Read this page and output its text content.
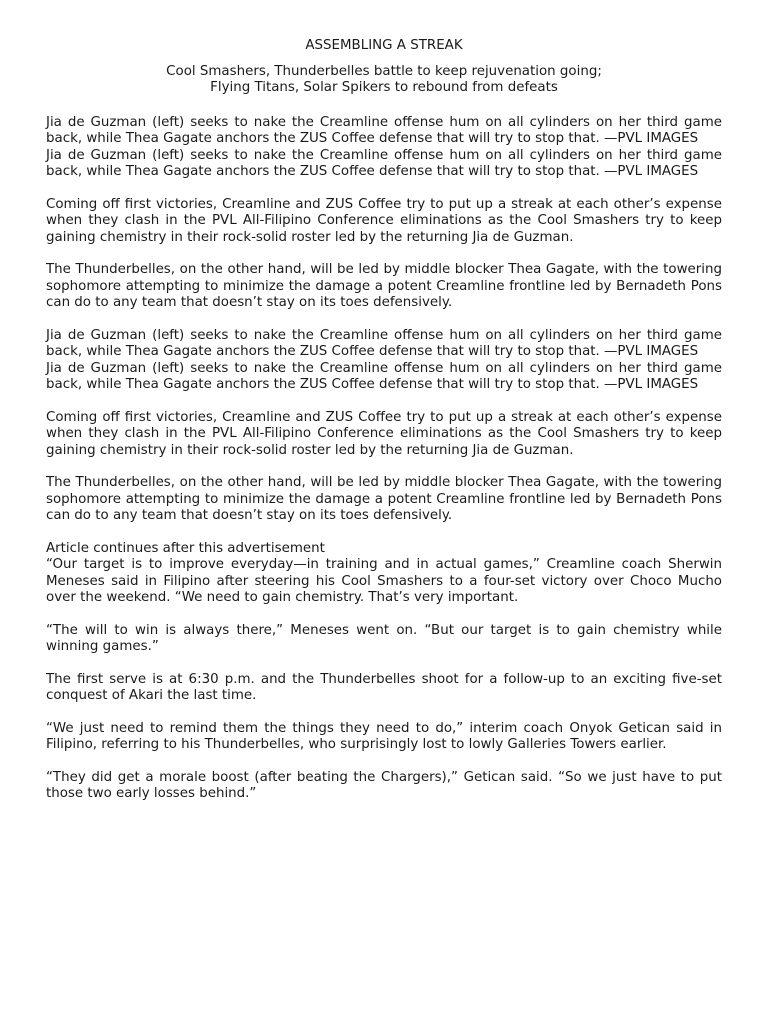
ASSEMBLING A STREAK
Cool Smashers, Thunderbelles battle to keep rejuvenation going;
Flying Titans, Solar Spikers to rebound from defeats

Jia de Guzman (left) seeks to nake the Creamline offense hum on all cylinders on her third game back, while Thea Gagate anchors the ZUS Coffee defense that will try to stop that. —PVL IMAGES

Jia de Guzman (left) seeks to nake the Creamline offense hum on all cylinders on her third game back, while Thea Gagate anchors the ZUS Coffee defense that will try to stop that. —PVL IMAGES

Coming off first victories, Creamline and ZUS Coffee try to put up a streak at each other’s expense when they clash in the PVL All-Filipino Conference eliminations as the Cool Smashers try to keep gaining chemistry in their rock-solid roster led by the returning Jia de Guzman.

The Thunderbelles, on the other hand, will be led by middle blocker Thea Gagate, with the towering sophomore attempting to minimize the damage a potent Creamline frontline led by Bernadeth Pons can do to any team that doesn’t stay on its toes defensively.

Jia de Guzman (left) seeks to nake the Creamline offense hum on all cylinders on her third game back, while Thea Gagate anchors the ZUS Coffee defense that will try to stop that. —PVL IMAGES

Jia de Guzman (left) seeks to nake the Creamline offense hum on all cylinders on her third game back, while Thea Gagate anchors the ZUS Coffee defense that will try to stop that. —PVL IMAGES

Coming off first victories, Creamline and ZUS Coffee try to put up a streak at each other’s expense when they clash in the PVL All-Filipino Conference eliminations as the Cool Smashers try to keep gaining chemistry in their rock-solid roster led by the returning Jia de Guzman.

The Thunderbelles, on the other hand, will be led by middle blocker Thea Gagate, with the towering sophomore attempting to minimize the damage a potent Creamline frontline led by Bernadeth Pons can do to any team that doesn’t stay on its toes defensively.

Article continues after this advertisement

“Our target is to improve everyday—in training and in actual games,” Creamline coach Sherwin Meneses said in Filipino after steering his Cool Smashers to a four-set victory over Choco Mucho over the weekend. “We need to gain chemistry. That’s very important.

“The will to win is always there,” Meneses went on. “But our target is to gain chemistry while winning games.”

The first serve is at 6:30 p.m. and the Thunderbelles shoot for a follow-up to an exciting five-set conquest of Akari the last time.

“We just need to remind them the things they need to do,” interim coach Onyok Getican said in Filipino, referring to his Thunderbelles, who surprisingly lost to lowly Galleries Towers earlier.

“They did get a morale boost (after beating the Chargers),” Getican said. “So we just have to put those two early losses behind.”
